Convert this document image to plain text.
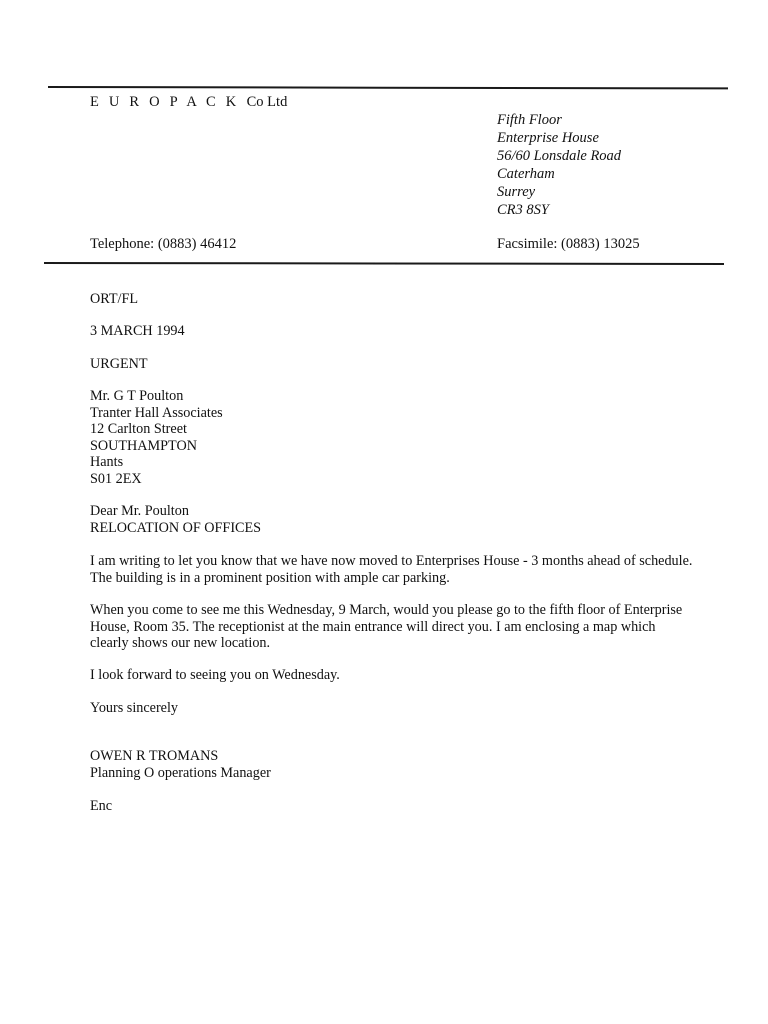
E U R O P A C K Co Ltd
Fifth Floor
Enterprise House
56/60 Lonsdale Road
Caterham
Surrey
CR3 8SY
Telephone: (0883) 46412	Facsimile: (0883) 13025
ORT/FL
3 MARCH 1994
URGENT
Mr. G T Poulton
Tranter Hall Associates
12 Carlton Street
SOUTHAMPTON
Hants
S01 2EX
Dear Mr. Poulton
RELOCATION OF OFFICES
I am writing to let you know that we have now moved to Enterprises House - 3 months ahead of schedule.
The building is in a prominent position with ample car parking.
When you come to see me this Wednesday, 9 March, would you please go to the fifth floor of Enterprise
House, Room 35. The receptionist at the main entrance will direct you. I am enclosing a map which
clearly shows our new location.
I look forward to seeing you on Wednesday.
Yours sincerely
OWEN R TROMANS
Planning O operations Manager
Enc
